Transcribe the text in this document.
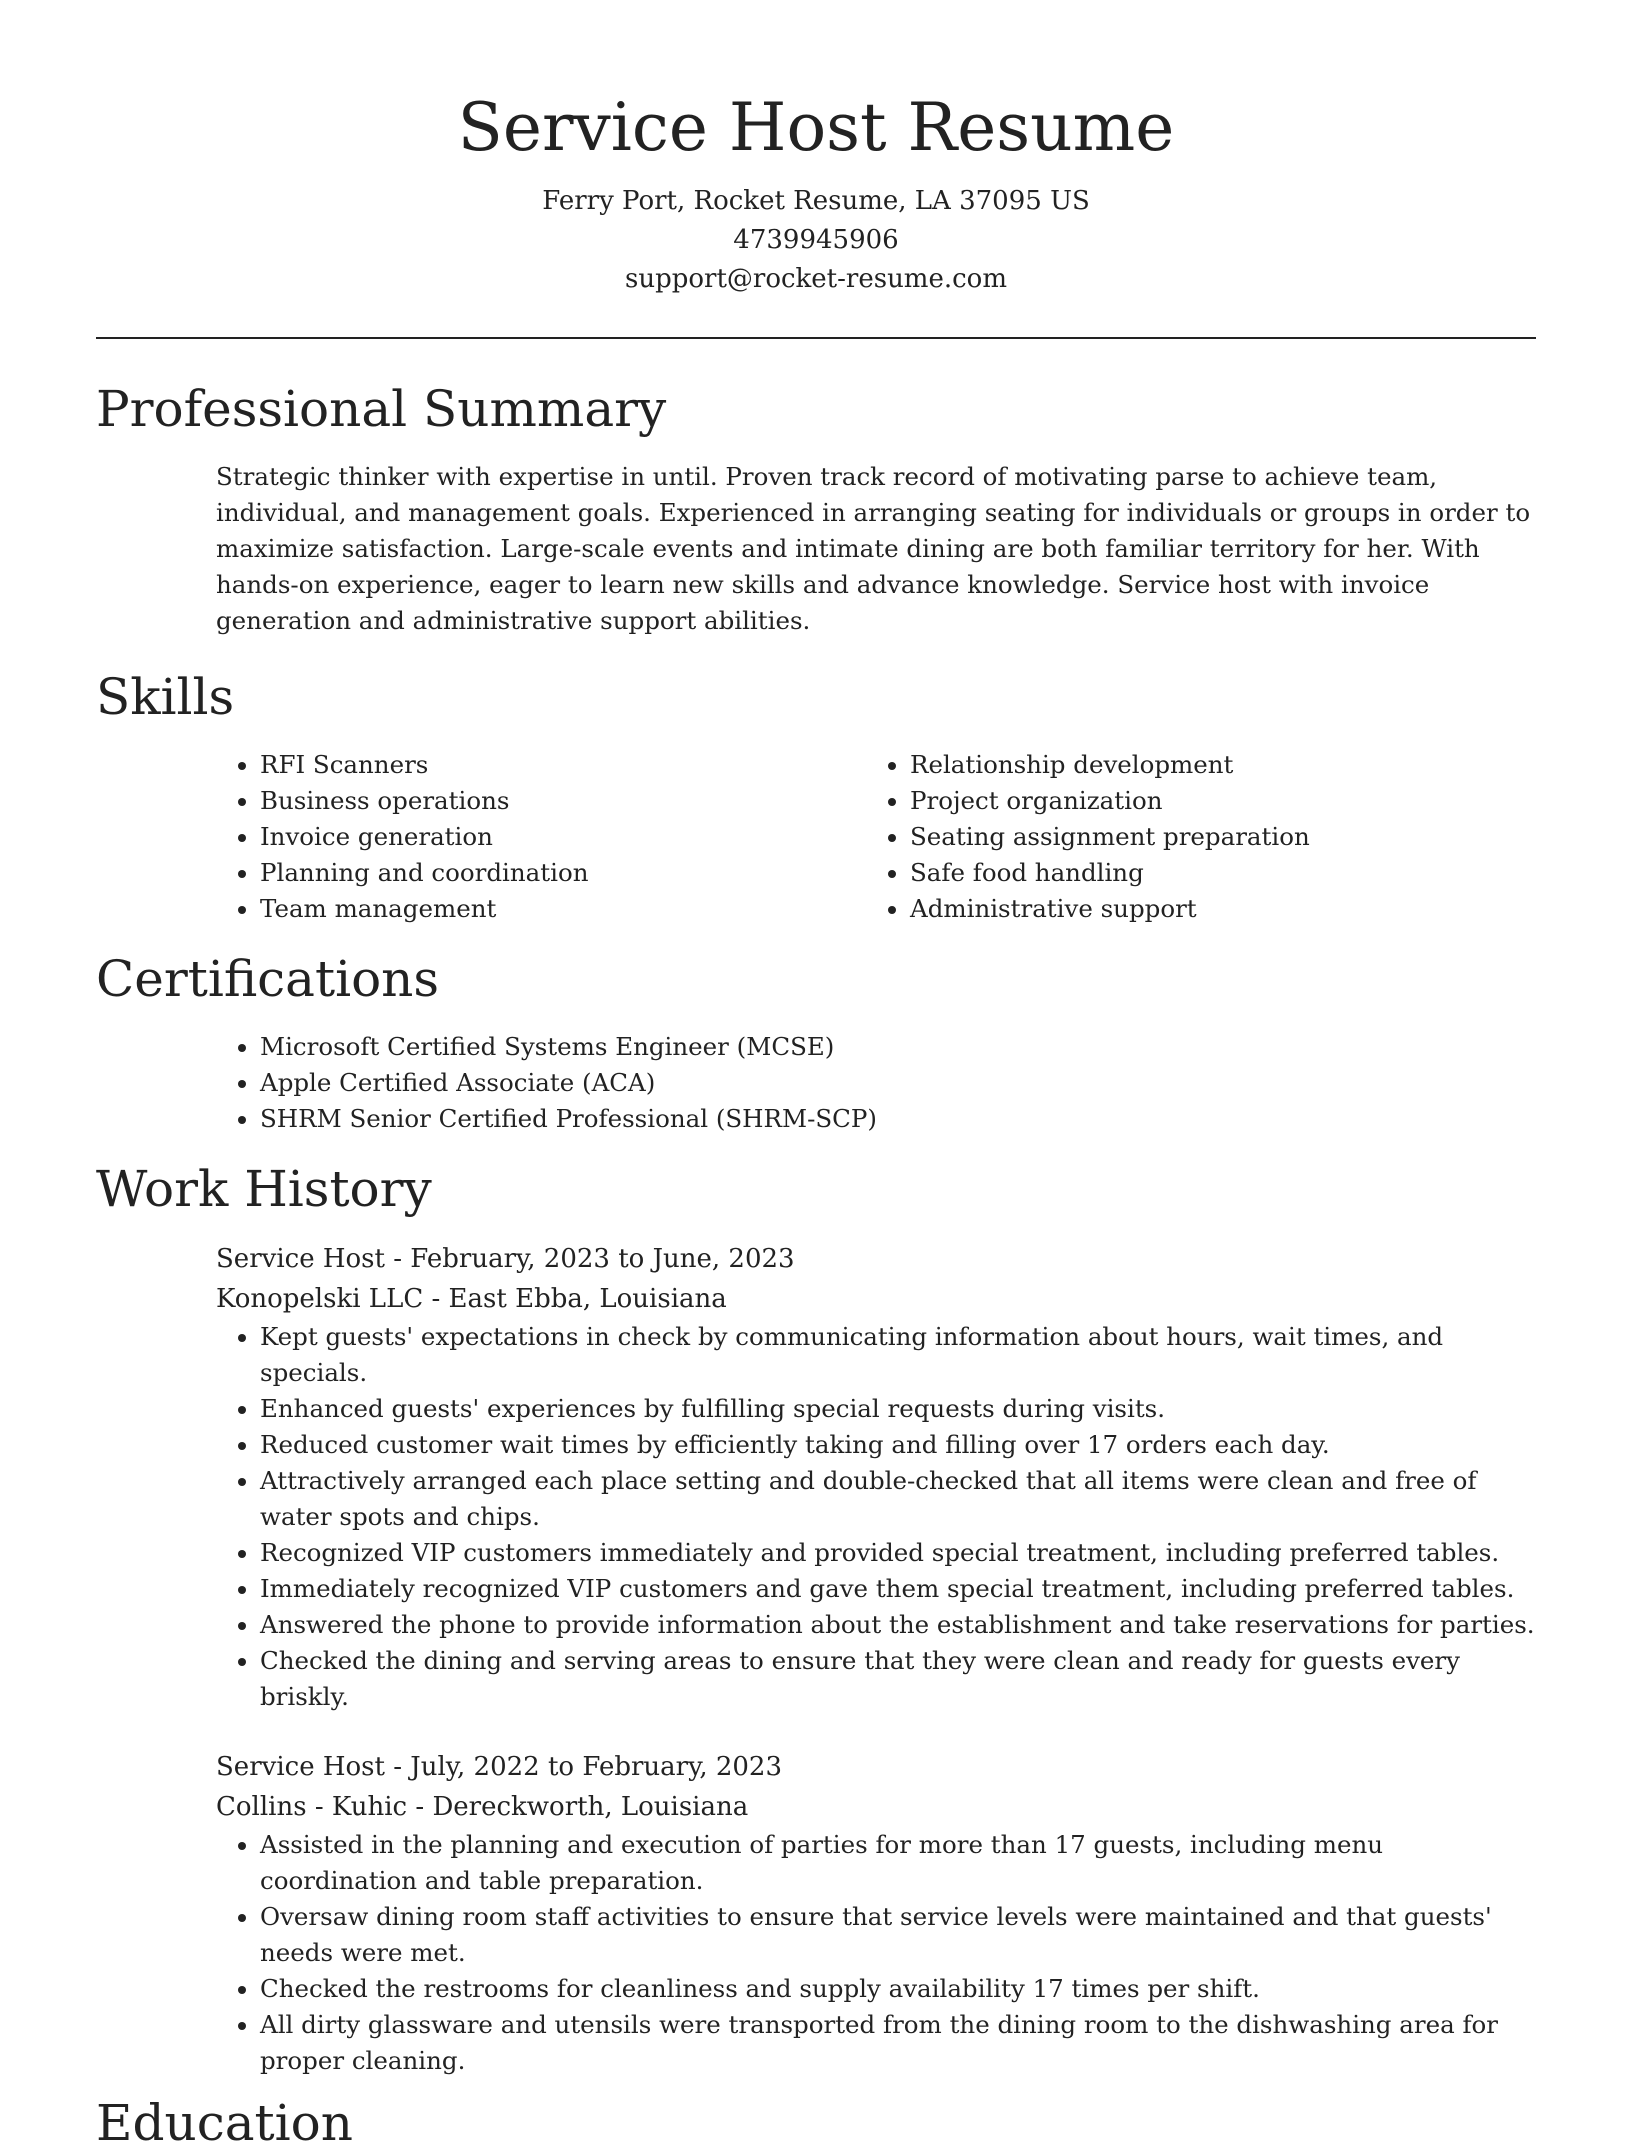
Service Host Resume
Ferry Port, Rocket Resume, LA 37095 US
4739945906
support@rocket-resume.com
Professional Summary

Strategic thinker with expertise in until. Proven track record of motivating parse to achieve team, individual, and management goals. Experienced in arranging seating for individuals or groups in order to maximize satisfaction. Large-scale events and intimate dining are both familiar territory for her. With hands-on experience, eager to learn new skills and advance knowledge. Service host with invoice generation and administrative support abilities.

Skills
• RFI Scanners
• Business operations
• Invoice generation
• Planning and coordination
• Team management
• Relationship development
• Project organization
• Seating assignment preparation
• Safe food handling
• Administrative support
Certifications
• Microsoft Certified Systems Engineer (MCSE)
• Apple Certified Associate (ACA)
• SHRM Senior Certified Professional (SHRM-SCP)
Work History
Service Host - February, 2023 to June, 2023
Konopelski LLC - East Ebba, Louisiana
• Kept guests' expectations in check by communicating information about hours, wait times, and specials.
• Enhanced guests' experiences by fulfilling special requests during visits.
• Reduced customer wait times by efficiently taking and filling over 17 orders each day.
• Attractively arranged each place setting and double-checked that all items were clean and free of water spots and chips.
• Recognized VIP customers immediately and provided special treatment, including preferred tables.
• Immediately recognized VIP customers and gave them special treatment, including preferred tables.
• Answered the phone to provide information about the establishment and take reservations for parties.
• Checked the dining and serving areas to ensure that they were clean and ready for guests every briskly.
Service Host - July, 2022 to February, 2023
Collins - Kuhic - Dereckworth, Louisiana
• Assisted in the planning and execution of parties for more than 17 guests, including menu coordination and table preparation.
• Oversaw dining room staff activities to ensure that service levels were maintained and that guests' needs were met.
• Checked the restrooms for cleanliness and supply availability 17 times per shift.
• All dirty glassware and utensils were transported from the dining room to the dishwashing area for proper cleaning.
Education
